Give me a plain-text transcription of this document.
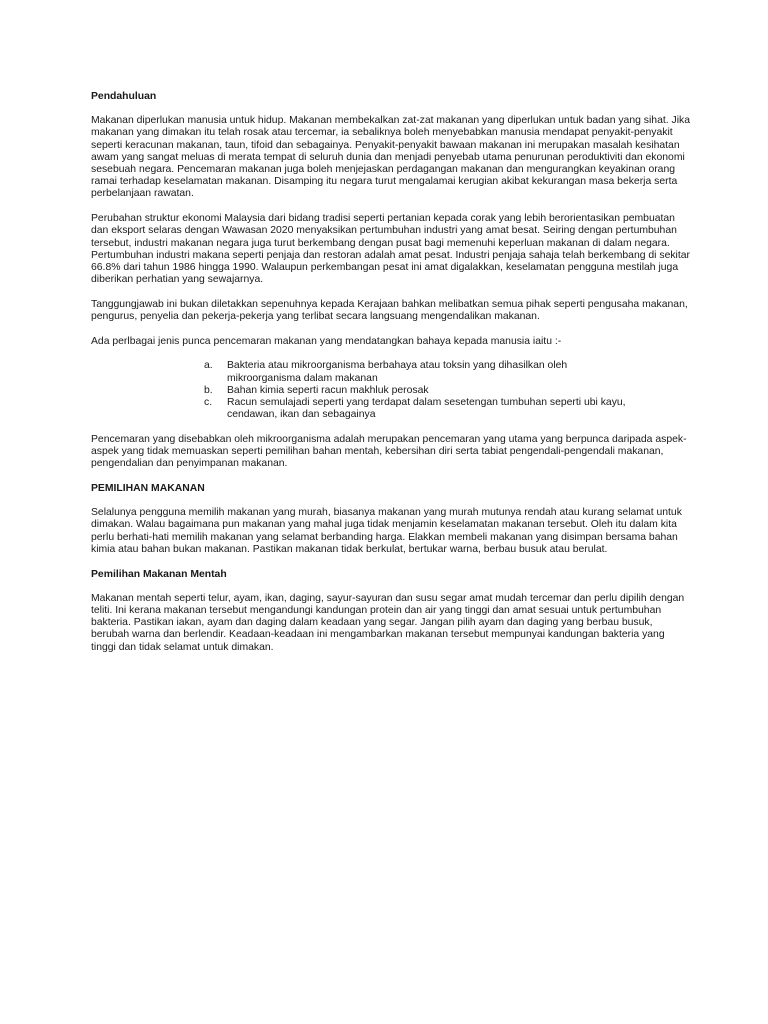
Pendahuluan

Makanan diperlukan manusia untuk hidup. Makanan membekalkan zat-zat makanan yang diperlukan untuk badan yang sihat. Jika makanan yang dimakan itu telah rosak atau tercemar, ia sebaliknya boleh menyebabkan manusia mendapat penyakit-penyakit seperti keracunan makanan, taun, tifoid dan sebagainya. Penyakit-penyakit bawaan makanan ini merupakan masalah kesihatan awam yang sangat meluas di merata tempat di seluruh dunia dan menjadi penyebab utama penurunan peroduktiviti dan ekonomi sesebuah negara. Pencemaran makanan juga boleh menjejaskan perdagangan makanan dan mengurangkan keyakinan orang ramai terhadap keselamatan makanan. Disamping itu negara turut mengalamai kerugian akibat kekurangan masa bekerja serta perbelanjaan rawatan.

Perubahan struktur ekonomi Malaysia dari bidang tradisi seperti pertanian kepada corak yang lebih berorientasikan pembuatan dan eksport selaras dengan Wawasan 2020 menyaksikan pertumbuhan industri yang amat besat. Seiring dengan pertumbuhan tersebut, industri makanan negara juga turut berkembang dengan pusat bagi memenuhi keperluan makanan di dalam negara. Pertumbuhan industri makana seperti penjaja dan restoran adalah amat pesat. Industri penjaja sahaja telah berkembang di sekitar 66.8% dari tahun 1986 hingga 1990. Walaupun perkembangan pesat ini amat digalakkan, keselamatan pengguna mestilah juga diberikan perhatian yang sewajarnya.

Tanggungjawab ini bukan diletakkan sepenuhnya kepada Kerajaan bahkan melibatkan semua pihak seperti pengusaha makanan, pengurus, penyelia dan pekerja-pekerja yang terlibat secara langsuang mengendalikan makanan.

Ada perlbagai jenis punca pencemaran makanan yang mendatangkan bahaya kepada manusia iaitu :-

a. Bakteria atau mikroorganisma berbahaya atau toksin yang dihasilkan oleh
mikroorganisma dalam makanan
b. Bahan kimia seperti racun makhluk perosak
c. Racun semulajadi seperti yang terdapat dalam sesetengan tumbuhan seperti ubi kayu,
cendawan, ikan dan sebagainya

Pencemaran yang disebabkan oleh mikroorganisma adalah merupakan pencemaran yang utama yang berpunca daripada aspek-aspek yang tidak memuaskan seperti pemilihan bahan mentah, kebersihan diri serta tabiat pengendali-pengendali makanan, pengendalian dan penyimpanan makanan.

PEMILIHAN MAKANAN

Selalunya pengguna memilih makanan yang murah, biasanya makanan yang murah mutunya rendah atau kurang selamat untuk dimakan. Walau bagaimana pun makanan yang mahal juga tidak menjamin keselamatan makanan tersebut. Oleh itu dalam kita perlu berhati-hati memilih makanan yang selamat berbanding harga. Elakkan membeli makanan yang disimpan bersama bahan kimia atau bahan bukan makanan. Pastikan makanan tidak berkulat, bertukar warna, berbau busuk atau berulat.

Pemilihan Makanan Mentah

Makanan mentah seperti telur, ayam, ikan, daging, sayur-sayuran dan susu segar amat mudah tercemar dan perlu dipilih dengan teliti. Ini kerana makanan tersebut mengandungi kandungan protein dan air yang tinggi dan amat sesuai untuk pertumbuhan bakteria. Pastikan iakan, ayam dan daging dalam keadaan yang segar. Jangan pilih ayam dan daging yang berbau busuk, berubah warna dan berlendir. Keadaan-keadaan ini mengambarkan makanan tersebut mempunyai kandungan bakteria yang tinggi dan tidak selamat untuk dimakan.
